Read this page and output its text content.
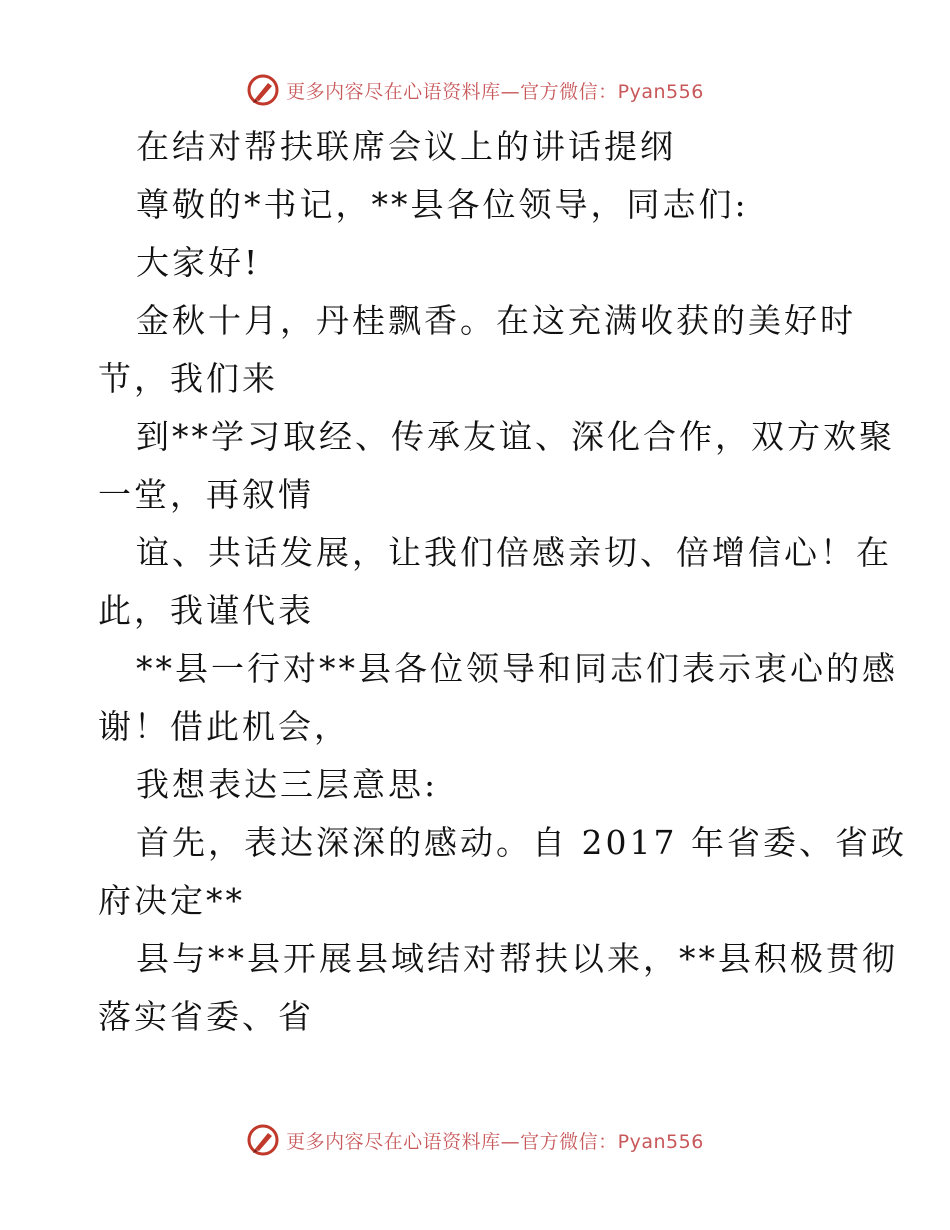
更多内容尽在心语资料库—官方微信：Pyan556
在结对帮扶联席会议上的讲话提纲
尊敬的*书记，**县各位领导，同志们:
大家好!
金秋十月，丹桂飘香。在这充满收获的美好时
节，我们来
到**学习取经、传承友谊、深化合作，双方欢聚
一堂，再叙情
谊、共话发展，让我们倍感亲切、倍增信心！在
此，我谨代表
**县一行对**县各位领导和同志们表示衷心的感
谢！借此机会，
我想表达三层意思:
首先，表达深深的感动。自 2017 年省委、省政
府决定**
县与**县开展县域结对帮扶以来，**县积极贯彻
落实省委、省
更多内容尽在心语资料库—官方微信：Pyan556
